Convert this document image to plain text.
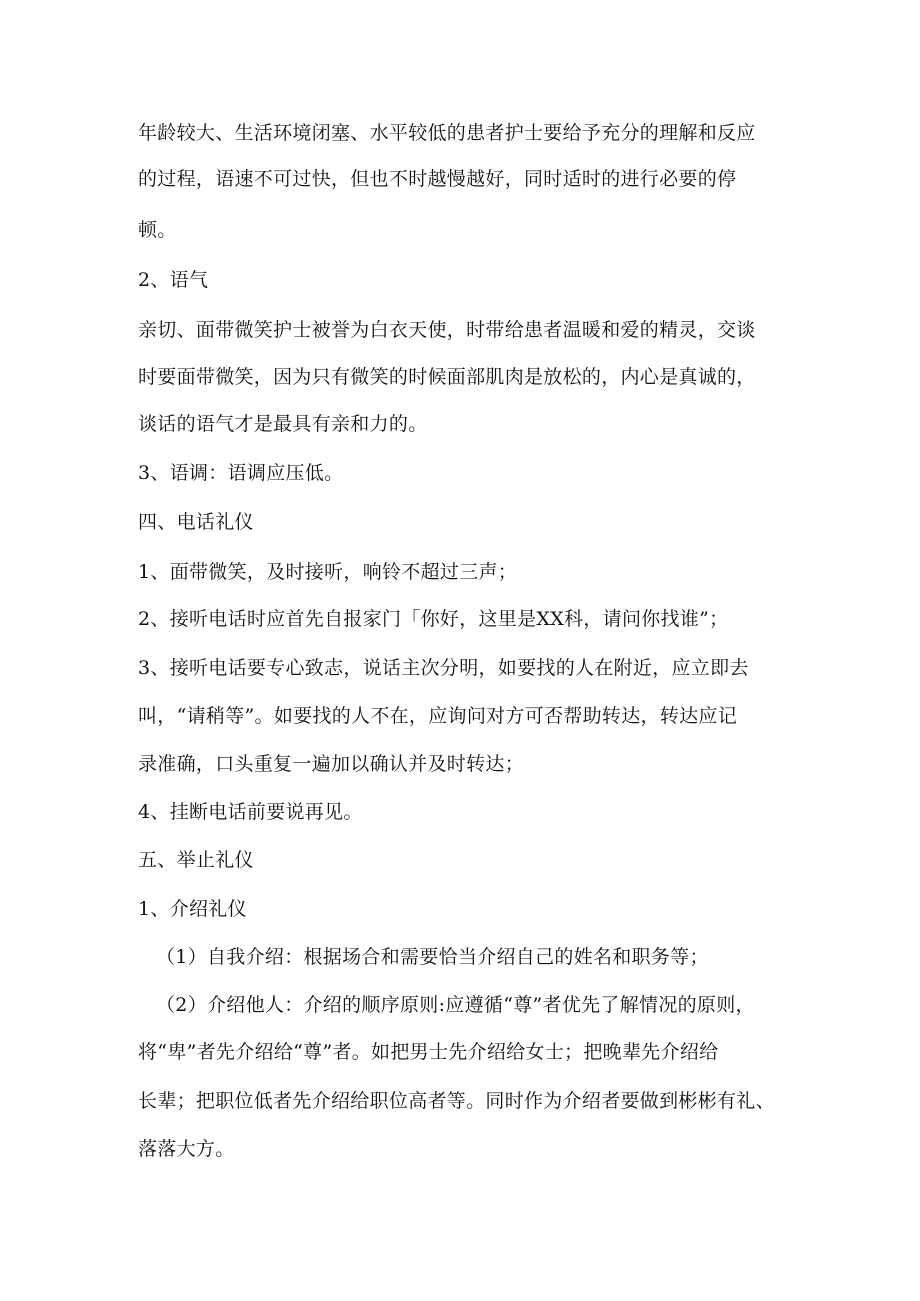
年龄较大、生活环境闭塞、水平较低的患者护士要给予充分的理解和反应
的过程，语速不可过快，但也不时越慢越好，同时适时的进行必要的停
顿。
2、语气
亲切、面带微笑护士被誉为白衣天使，时带给患者温暖和爱的精灵，交谈
时要面带微笑，因为只有微笑的时候面部肌肉是放松的，内心是真诚的，
谈话的语气才是最具有亲和力的。
3、语调：语调应压低。
四、电话礼仪
1、面带微笑，及时接听，响铃不超过三声；
2、接听电话时应首先自报家门「你好，这里是XX科，请问你找谁”；
3、接听电话要专心致志，说话主次分明，如要找的人在附近，应立即去
叫，“请稍等”。如要找的人不在，应询问对方可否帮助转达，转达应记
录准确，口头重复一遍加以确认并及时转达；
4、挂断电话前要说再见。
五、举止礼仪
1、介绍礼仪
（1）自我介绍：根据场合和需要恰当介绍自己的姓名和职务等；
（2）介绍他人：介绍的顺序原则:应遵循“尊”者优先了解情况的原则，
将“卑”者先介绍给“尊”者。如把男士先介绍给女士；把晚辈先介绍给
长辈；把职位低者先介绍给职位高者等。同时作为介绍者要做到彬彬有礼、
落落大方。
